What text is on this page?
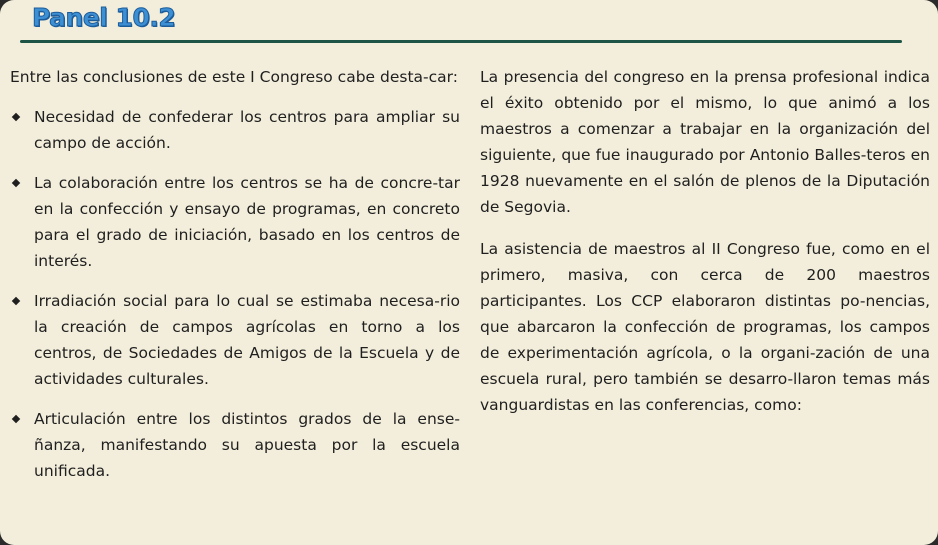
Panel 10.2

Entre las conclusiones de este I Congreso cabe desta-car:

Necesidad de confederar los centros para ampliar su campo de acción.
La colaboración entre los centros se ha de concre-tar en la confección y ensayo de programas, en concreto para el grado de iniciación, basado en los centros de interés.
Irradiación social para lo cual se estimaba necesa-rio la creación de campos agrícolas en torno a los centros, de Sociedades de Amigos de la Escuela y de actividades culturales.
Articulación entre los distintos grados de la ense-ñanza, manifestando su apuesta por la escuela unificada.

La presencia del congreso en la prensa profesional indica el éxito obtenido por el mismo, lo que animó a los maestros a comenzar a trabajar en la organización del siguiente, que fue inaugurado por Antonio Balles-teros en 1928 nuevamente en el salón de plenos de la Diputación de Segovia.

La asistencia de maestros al II Congreso fue, como en el primero, masiva, con cerca de 200 maestros participantes. Los CCP elaboraron distintas po-nencias, que abarcaron la confección de programas, los campos de experimentación agrícola, o la organi-zación de una escuela rural, pero también se desarro-llaron temas más vanguardistas en las conferencias, como:
